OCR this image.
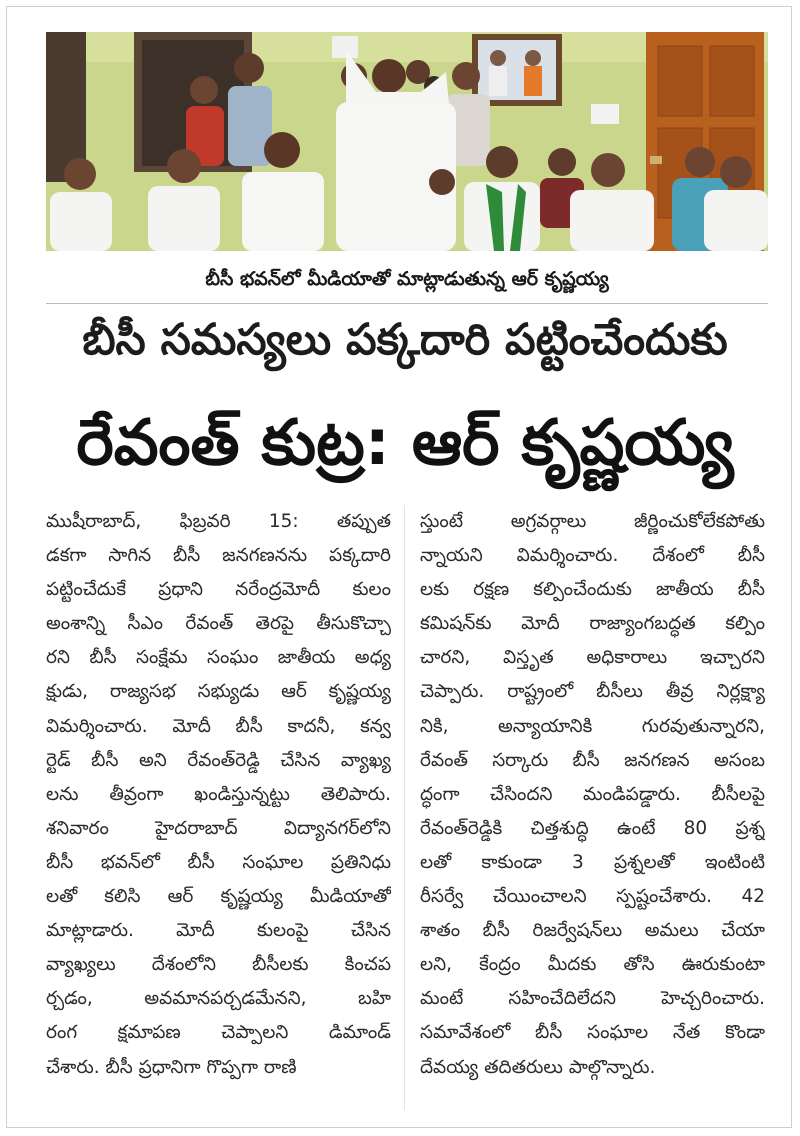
బీసీ భవన్‌లో మీడియాతో మాట్లాడుతున్న ఆర్ కృష్ణయ్య
బీసీ సమస్యలు పక్కదారి పట్టించేందుకు
రేవంత్ కుట్ర: ఆర్ కృష్ణయ్య
ముషీరాబాద్, ఫిబ్రవరి 15: తప్పుత
డకగా సాగిన బీసీ జనగణనను పక్కదారి
పట్టించేదుకే ప్రధాని నరేంద్రమోదీ కులం
అంశాన్ని సీఎం రేవంత్ తెరపై తీసుకొచ్చా
రని బీసీ సంక్షేమ సంఘం జాతీయ అధ్య
క్షుడు, రాజ్యసభ సభ్యుడు ఆర్ కృష్ణయ్య
విమర్శించారు. మోదీ బీసీ కాదనీ, కన్వ
ర్టెడ్ బీసీ అని రేవంత్‌రెడ్డి చేసిన వ్యాఖ్య
లను తీవ్రంగా ఖండిస్తున్నట్టు తెలిపారు.
శనివారం హైదరాబాద్ విద్యానగర్‌లోని
బీసీ భవన్‌లో బీసీ సంఘాల ప్రతినిధు
లతో కలిసి ఆర్ కృష్ణయ్య మీడియాతో
మాట్లాడారు. మోదీ కులంపై చేసిన
వ్యాఖ్యలు దేశంలోని బీసీలకు కించప
ర్చడం, అవమానపర్చడమేనని, బహి
రంగ క్షమాపణ చెప్పాలని డిమాండ్
చేశారు. బీసీ ప్రధానిగా గొప్పగా రాణి
స్తుంటే అగ్రవర్గాలు జీర్ణించుకోలేకపోతు
న్నాయని విమర్శించారు. దేశంలో బీసీ
లకు రక్షణ కల్పించేందుకు జాతీయ బీసీ
కమిషన్‌కు మోదీ రాజ్యాంగబద్ధత కల్పిం
చారని, విస్తృత అధికారాలు ఇచ్చారని
చెప్పారు. రాష్ట్రంలో బీసీలు తీవ్ర నిర్లక్ష్యా
నికి, అన్యాయానికి గురవుతున్నారని,
రేవంత్ సర్కారు బీసీ జనగణన అసంబ
ద్ధంగా చేసిందని మండిపడ్డారు. బీసీలపై
రేవంత్‌రెడ్డికి చిత్తశుద్ధి ఉంటే 80 ప్రశ్న
లతో కాకుండా 3 ప్రశ్నలతో ఇంటింటి
రీసర్వే చేయించాలని స్పష్టంచేశారు. 42
శాతం బీసీ రిజర్వేషన్‌లు అమలు చేయా
లని, కేంద్రం మీదకు తోసి ఊరుకుంటా
మంటే సహించేదిలేదని హెచ్చరించారు.
సమావేశంలో బీసీ సంఘాల నేత కొండా
దేవయ్య తదితరులు పాల్గొన్నారు.
